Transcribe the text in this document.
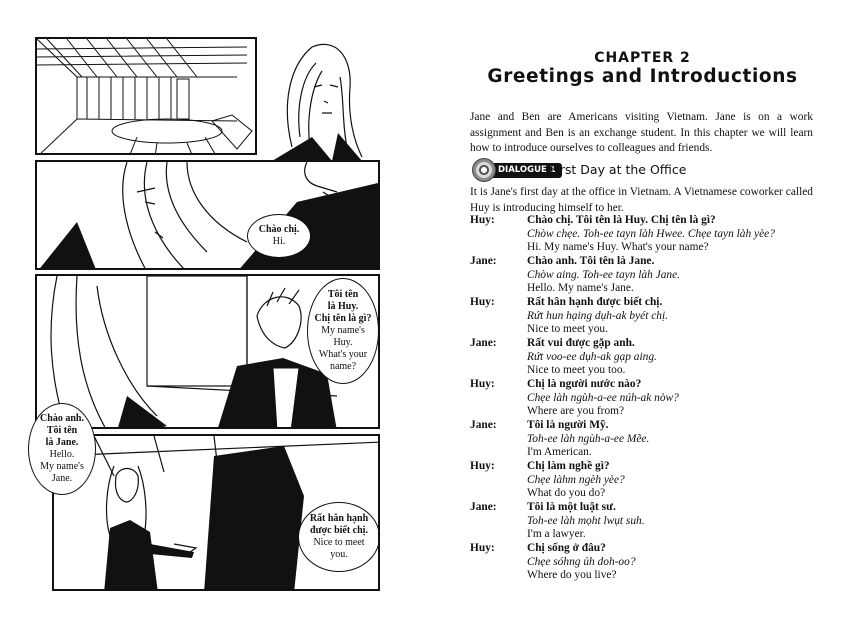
Chào chị.
Hi.
Tôi tên
là Huy.
Chị tên là gì?
My name's Huy.
What's your
name?
Chào anh.
Tôi tên
là Jane.
Hello.
My name's
Jane.
Rất hân hạnh
được biết chị.
Nice to meet you.
CHAPTER 2
Greetings and Introductions

Jane and Ben are Americans visiting Vietnam. Jane is on a work assignment and Ben is an exchange student. In this chapter we will learn how to introduce ourselves to colleagues and friends.

DIALOGUE 1
First Day at the Office

It is Jane's first day at the office in Vietnam. A Vietnamese coworker called Huy is introducing himself to her.

Huy:	Chào chị. Tôi tên là Huy. Chị tên là gì?
Chòw chẹe. Toh-ee tayn làh Hwee. Chẹe tayn làh yèe?
Hi. My name's Huy. What's your name?
Jane:	Chào anh. Tôi tên là Jane.
Chòw aing. Toh-ee tayn làh Jane.
Hello. My name's Jane.
Huy:	Rất hân hạnh được biết chị.
Rứt hun hạing dụh-ak byét chị.
Nice to meet you.
Jane:	Rất vui được gặp anh.
Rứt voo-ee dụh-ak gạp aing.
Nice to meet you too.
Huy:	Chị là người nước nào?
Chẹe làh ngùh-a-ee núh-ak nòw?
Where are you from?
Jane:	Tôi là người Mỹ.
Toh-ee làh ngùh-a-ee Mẽe.
I'm American.
Huy:	Chị làm nghề gì?
Chẹe làhm ngèh yèe?
What do you do?
Jane:	Tôi là một luật sư.
Toh-ee làh mọht lwụt suh.
I'm a lawyer.
Huy:	Chị sống ở đâu?
Chẹe sóhng ủh doh-oo?
Where do you live?
